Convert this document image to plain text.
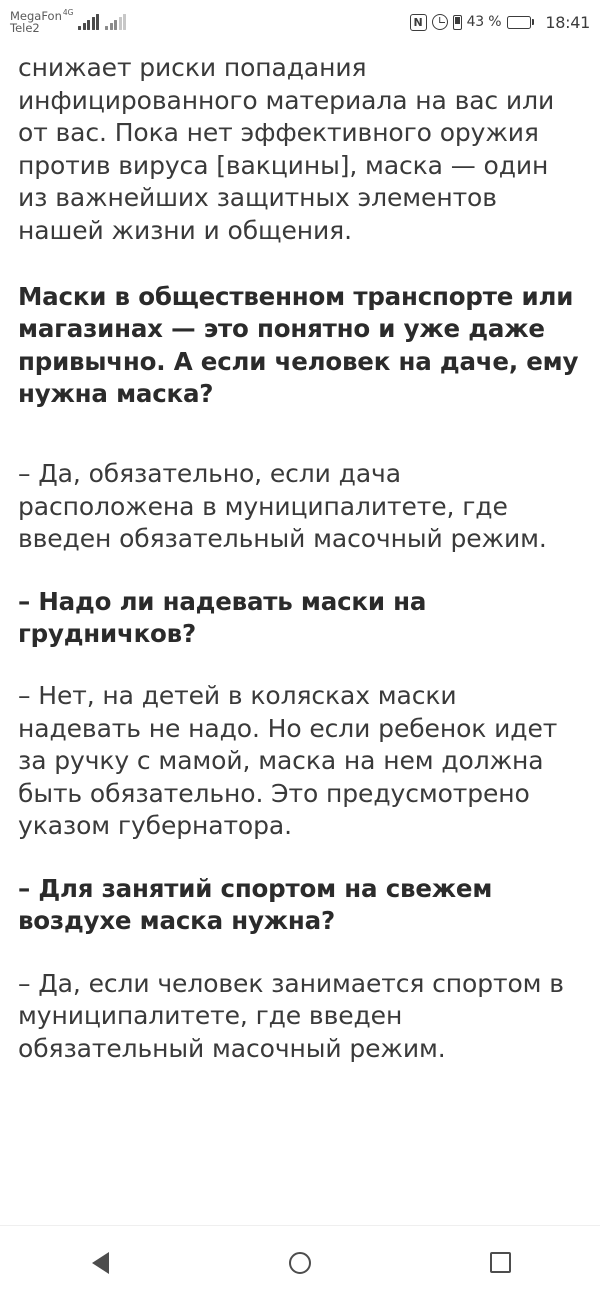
MegaFon 4G
Tele2	N	43 %	18:41

снижает риски попадания инфицированного материала на вас или от вас. Пока нет эффективного оружия против вируса [вакцины], маска — один из важнейших защитных элементов нашей жизни и общения.

Маски в общественном транспорте или магазинах — это понятно и уже даже привычно. А если человек на даче, ему нужна маска?

– Да, обязательно, если дача расположена в муниципалитете, где введен обязательный масочный режим.

– Надо ли надевать маски на грудничков?

– Нет, на детей в колясках маски надевать не надо. Но если ребенок идет за ручку с мамой, маска на нем должна быть обязательно. Это предусмотрено указом губернатора.

– Для занятий спортом на свежем воздухе маска нужна?

– Да, если человек занимается спортом в муниципалитете, где введен обязательный масочный режим.
